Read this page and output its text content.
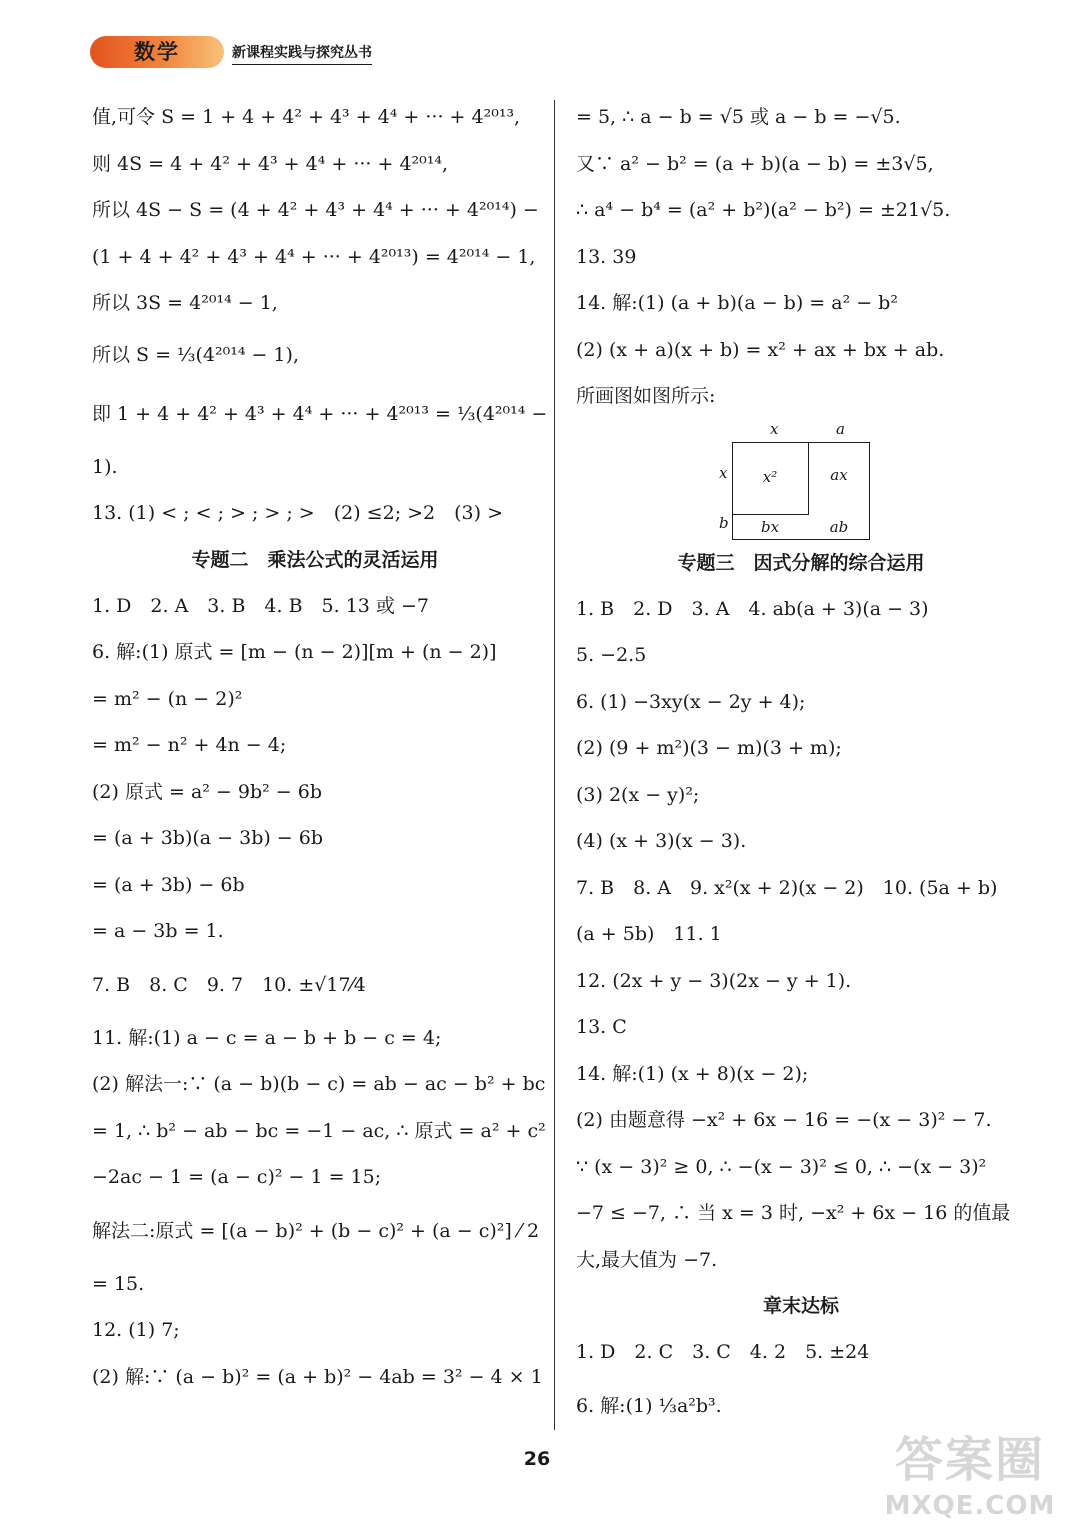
数学	新课程实践与探究丛书
值,可令 S = 1 + 4 + 4² + 4³ + 4⁴ + ··· + 4²⁰¹³,
则 4S = 4 + 4² + 4³ + 4⁴ + ··· + 4²⁰¹⁴,
所以 4S − S = (4 + 4² + 4³ + 4⁴ + ··· + 4²⁰¹⁴) −
(1 + 4 + 4² + 4³ + 4⁴ + ··· + 4²⁰¹³) = 4²⁰¹⁴ − 1,
所以 3S = 4²⁰¹⁴ − 1,
所以 S = ⅓(4²⁰¹⁴ − 1),
即 1 + 4 + 4² + 4³ + 4⁴ + ··· + 4²⁰¹³ = ⅓(4²⁰¹⁴ −
1).
13. (1) < ; < ; > ; > ; >　(2) ≤2; >2　(3) >
专题二　乘法公式的灵活运用
1. D　2. A　3. B　4. B　5. 13 或 −7
6. 解:(1) 原式 = [m − (n − 2)][m + (n − 2)]
= m² − (n − 2)²
= m² − n² + 4n − 4;
(2) 原式 = a² − 9b² − 6b
= (a + 3b)(a − 3b) − 6b
= (a + 3b) − 6b
= a − 3b = 1.
7. B　8. C　9. 7　10. ±√17⁄4
11. 解:(1) a − c = a − b + b − c = 4;
(2) 解法一:∵ (a − b)(b − c) = ab − ac − b² + bc
= 1, ∴ b² − ab − bc = −1 − ac, ∴ 原式 = a² + c²
−2ac − 1 = (a − c)² − 1 = 15;
解法二:原式 = [(a − b)² + (b − c)² + (a − c)²] ⁄ 2
= 15.
12. (1) 7;
(2) 解:∵ (a − b)² = (a + b)² − 4ab = 3² − 4 × 1
= 5, ∴ a − b = √5 或 a − b = −√5.
又∵ a² − b² = (a + b)(a − b) = ±3√5,
∴ a⁴ − b⁴ = (a² + b²)(a² − b²) = ±21√5.
13. 39
14. 解:(1) (a + b)(a − b) = a² − b²
(2) (x + a)(x + b) = x² + ax + bx + ab.
所画图如图所示:
x	a
x
b
x²	ax
bx	ab
专题三　因式分解的综合运用
1. B　2. D　3. A　4. ab(a + 3)(a − 3)
5. −2.5
6. (1) −3xy(x − 2y + 4);
(2) (9 + m²)(3 − m)(3 + m);
(3) 2(x − y)²;
(4) (x + 3)(x − 3).
7. B　8. A　9. x²(x + 2)(x − 2)　10. (5a + b)
(a + 5b)　11. 1
12. (2x + y − 3)(2x − y + 1).
13. C
14. 解:(1) (x + 8)(x − 2);
(2) 由题意得 −x² + 6x − 16 = −(x − 3)² − 7.
∵ (x − 3)² ≥ 0, ∴ −(x − 3)² ≤ 0, ∴ −(x − 3)²
−7 ≤ −7, ∴ 当 x = 3 时, −x² + 6x − 16 的值最
大,最大值为 −7.
章末达标
1. D　2. C　3. C　4. 2　5. ±24
6. 解:(1) ⅓a²b³.
26	答案圈
MXQE.COM
